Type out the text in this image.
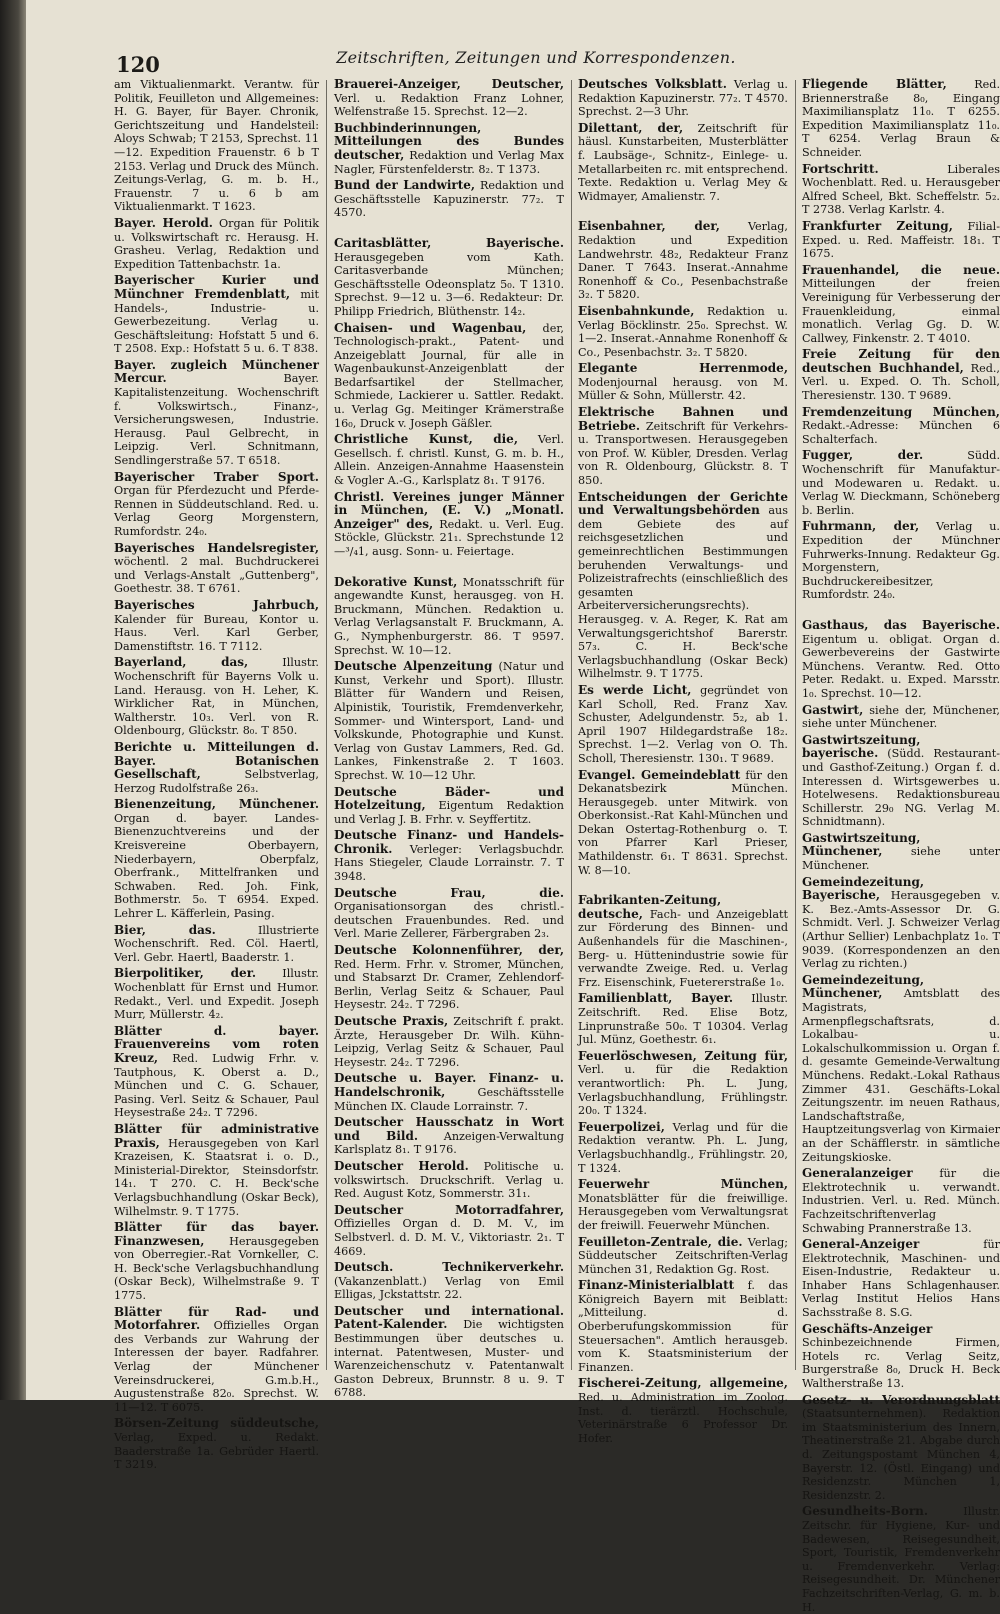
120	Zeitschriften, Zeitungen und Korrespondenzen.
am Viktualienmarkt. Verantw. für Politik, Feuilleton und Allgemeines: H. G. Bayer, für Bayer. Chronik, Gerichtszeitung und Handelsteil: Aloys Schwab; T 2153, Sprechst. 11—12. Expedition Frauenstr. 6 b T 2153. Verlag und Druck des Münch. Zeitungs-Verlag, G. m. b. H., Frauenstr. 7 u. 6 b am Viktualienmarkt. T 1623.
Bayer. Herold. Organ für Politik u. Volkswirtschaft rc. Herausg. H. Grasheu. Verlag, Redaktion und Expedition Tattenbachstr. 1a.
Bayerischer Kurier und Münchner Fremdenblatt, mit Handels-, Industrie- u. Gewerbezeitung. Verlag u. Geschäftsleitung: Hofstatt 5 und 6. T 2508. Exp.: Hofstatt 5 u. 6. T 838.
Bayer. zugleich Münchener Mercur.	Bayer. Kapitalistenzeitung. Wochenschrift f. Volkswirtsch., Finanz-, Versicherungswesen, Industrie. Herausg. Paul Gelbrecht, in Leipzig. Verl. Schnitmann, Sendlingerstraße 57. T 6518.
Bayerischer Traber Sport. Organ für Pferdezucht und Pferde-Rennen in Süddeutschland. Red. u. Verlag Georg Morgenstern, Rumfordstr. 24₀.
Bayerisches Handelsregister, wöchentl. 2 mal. Buchdruckerei und Verlags-Anstalt „Guttenberg", Goethestr. 38. T 6761.
Bayerisches Jahrbuch, Kalender für Bureau, Kontor u. Haus. Verl. Karl Gerber, Damenstiftstr. 16. T 7112.
Bayerland, das,	Illustr. Wochenschrift für Bayerns Volk u. Land. Herausg. von H. Leher, K. Wirklicher Rat, in München, Waltherstr. 10₃. Verl. von R. Oldenbourg, Glückstr. 8₀. T 850.
Berichte u. Mitteilungen d. Bayer. Botanischen Gesellschaft,	Selbstverlag, Herzog Rudolfstraße 26₃.
Bienenzeitung, Münchener. Organ d. bayer. Landes-Bienenzuchtvereins und der Kreisvereine Oberbayern, Niederbayern, Oberpfalz, Oberfrank., Mittelfranken und Schwaben. Red. Joh. Fink, Bothmerstr. 5₀. T 6954. Exped. Lehrer L. Käfferlein, Pasing.
Bier, das.	Illustrierte Wochenschrift. Red. Cöl. Haertl, Verl. Gebr. Haertl, Baaderstr. 1.
Bierpolitiker, der. Illustr. Wochenblatt für Ernst und Humor. Redakt., Verl. und Expedit. Joseph Murr, Müllerstr. 4₂.
Blätter d. bayer. Frauenvereins vom roten Kreuz, Red. Ludwig Frhr. v. Tautphous, K. Oberst a. D., München und C. G. Schauer, Pasing. Verl. Seitz & Schauer, Paul Heysestraße 24₂. T 7296.
Blätter für administrative Praxis, Herausgegeben von Karl Krazeisen, K. Staatsrat i. o. D., Ministerial-Direktor, Steinsdorfstr. 14₁. T 270. C. H. Beck'sche Verlagsbuchhandlung (Oskar Beck), Wilhelmstr. 9. T 1775.
Blätter für das bayer. Finanzwesen, Herausgegeben von Oberregier.-Rat Vornkeller, C. H. Beck'sche Verlagsbuchhandlung (Oskar Beck), Wilhelmstraße 9. T 1775.
Blätter für Rad- und Motorfahrer. Offizielles Organ des Verbands zur Wahrung der Interessen der bayer. Radfahrer. Verlag der Münchener Vereinsdruckerei, G.m.b.H., Augustenstraße 82₀. Sprechst. W. 11—12. T 6075.
Börsen-Zeitung süddeutsche, Verlag, Exped. u. Redakt. Baaderstraße 1a. Gebrüder Haertl. T 3219.
Brauerei-Anzeiger, Deutscher, Verl. u. Redaktion Franz Lohner, Welfenstraße 15. Sprechst. 12—2.
Buchbinderinnungen, Mitteilungen des Bundes deutscher, Redaktion und Verlag Max Nagler, Fürstenfelderstr. 8₂. T 1373.
Bund der Landwirte, Redaktion und Geschäftsstelle Kapuzinerstr. 77₂. T 4570.
Caritasblätter, Bayerische. Herausgegeben vom Kath. Caritasverbande München; Geschäftsstelle Odeonsplatz 5₀. T 1310. Sprechst. 9—12 u. 3—6. Redakteur: Dr. Philipp Friedrich, Blüthenstr. 14₂.
Chaisen- und Wagenbau, der, Technologisch-prakt., Patent- und Anzeigeblatt Journal, für alle in Wagenbaukunst-Anzeigenblatt der Bedarfsartikel der Stellmacher, Schmiede, Lackierer u. Sattler. Redakt. u. Verlag Gg. Meitinger Krämerstraße 16₀, Druck v. Joseph Gäßler.
Christliche Kunst, die, Verl. Gesellsch. f. christl. Kunst, G. m. b. H., Allein. Anzeigen-Annahme Haasenstein & Vogler A.-G., Karlsplatz 8₁. T 9176.
Christl. Vereines junger Männer in München, (E. V.) „Monatl. Anzeiger" des, Redakt. u. Verl. Eug. Stöckle, Glückstr. 21₁. Sprechstunde 12—³/₄1, ausg. Sonn- u. Feiertage.
Dekorative Kunst, Monatsschrift für angewandte Kunst, herausgeg. von H. Bruckmann, München. Redaktion u. Verlag Verlagsanstalt F. Bruckmann, A. G., Nymphenburgerstr. 86. T 9597. Sprechst. W. 10—12.
Deutsche Alpenzeitung (Natur und Kunst, Verkehr und Sport). Illustr. Blätter für Wandern und Reisen, Alpinistik, Touristik, Fremdenverkehr, Sommer- und Wintersport, Land- und Volkskunde, Photographie und Kunst. Verlag von Gustav Lammers, Red. Gd. Lankes, Finkenstraße 2. T 1603. Sprechst. W. 10—12 Uhr.
Deutsche Bäder- und Hotelzeitung, Eigentum Redaktion und Verlag J. B. Frhr. v. Seyffertitz.
Deutsche Finanz- und Handels-Chronik. Verleger: Verlagsbuchdr. Hans Stiegeler, Claude Lorrainstr. 7. T 3948.
Deutsche Frau, die. Organisationsorgan des christl.-deutschen Frauenbundes. Red. und Verl. Marie Zellerer, Färbergraben 2₃.
Deutsche Kolonnenführer, der, Red. Herm. Frhr. v. Stromer, München, und Stabsarzt Dr. Cramer, Zehlendorf-Berlin, Verlag Seitz & Schauer, Paul Heysestr. 24₂. T 7296.
Deutsche Praxis, Zeitschrift f. prakt. Ärzte, Herausgeber Dr. Wilh. Kühn-Leipzig, Verlag Seitz & Schauer, Paul Heysestr. 24₂. T 7296.
Deutsche u. Bayer. Finanz- u. Handelschronik,	Geschäftsstelle München IX. Claude Lorrainstr. 7.
Deutscher Hausschatz in Wort und Bild. Anzeigen-Verwaltung Karlsplatz 8₁. T 9176.
Deutscher Herold. Politische u. volkswirtsch. Druckschrift. Verlag u. Red. August Kotz, Sommerstr. 31₁.
Deutscher Motorradfahrer, Offizielles Organ d. D. M. V., im Selbstverl. d. D. M. V., Viktoriastr. 2₁. T 4669.
Deutsch. Technikerverkehr. (Vakanzenblatt.) Verlag von Emil Elligas, Jckstattstr. 22.
Deutscher und international. Patent-Kalender. Die wichtigsten Bestimmungen über deutsches u. internat. Patentwesen, Muster- und Warenzeichenschutz v. Patentanwalt Gaston Debreux, Brunnstr. 8 u. 9. T 6788.
Deutsches Volksblatt. Verlag u. Redaktion Kapuzinerstr. 77₂. T 4570. Sprechst. 2—3 Uhr.
Dilettant, der, Zeitschrift für häusl. Kunstarbeiten, Musterblätter f. Laubsäge-, Schnitz-, Einlege- u. Metallarbeiten rc. mit entsprechend. Texte. Redaktion u. Verlag Mey & Widmayer, Amalienstr. 7.
Eisenbahner, der,	Verlag, Redaktion und Expedition Landwehrstr. 48₂, Redakteur Franz Daner. T 7643. Inserat.-Annahme Ronenhoff & Co., Pesenbachstraße 3₂. T 5820.
Eisenbahnkunde, Redaktion u. Verlag Böcklinstr. 25₀. Sprechst. W. 1—2. Inserat.-Annahme Ronenhoff & Co., Pesenbachstr. 3₂. T 5820.
Elegante Herrenmode, Modenjournal herausg. von M. Müller & Sohn, Müllerstr. 42.
Elektrische Bahnen und Betriebe. Zeitschrift für Verkehrs- u. Transportwesen. Herausgegeben von Prof. W. Kübler, Dresden. Verlag von R. Oldenbourg, Glückstr. 8. T 850.
Entscheidungen der Gerichte und Verwaltungsbehörden aus dem Gebiete des auf reichsgesetzlichen und gemeinrechtlichen Bestimmungen beruhenden Verwaltungs- und Polizeistrafrechts (einschließlich des gesamten Arbeiterversicherungsrechts). Herausgeg. v. A. Reger, K. Rat am Verwaltungsgerichtshof Barerstr. 57₃. C. H. Beck'sche Verlagsbuchhandlung (Oskar Beck) Wilhelmstr. 9. T 1775.
Es werde Licht, gegründet von Karl Scholl, Red. Franz Xav. Schuster, Adelgundenstr. 5₂, ab 1. April 1907 Hildegardstraße 18₂. Sprechst. 1—2. Verlag von O. Th. Scholl, Theresienstr. 130₁. T 9689.
Evangel. Gemeindeblatt für den Dekanatsbezirk München. Herausgegeb. unter Mitwirk. von Oberkonsist.-Rat Kahl-München und Dekan Ostertag-Rothenburg o. T. von Pfarrer Karl Prieser, Mathildenstr. 6₁. T 8631. Sprechst. W. 8—10.
Fabrikanten-Zeitung, deutsche, Fach- und Anzeigeblatt zur Förderung des Binnen- und Außenhandels für die Maschinen-, Berg- u. Hüttenindustrie sowie für verwandte Zweige. Red. u. Verlag Frz. Eisenschink, Fuetererstraße 1₀.
Familienblatt, Bayer. Illustr. Zeitschrift. Red. Elise Botz, Linprunstraße 50₀. T 10304. Verlag Jul. Münz, Goethestr. 6₁.
Feuerlöschwesen, Zeitung für, Verl. u. für die Redaktion verantwortlich: Ph. L. Jung, Verlagsbuchhandlung, Frühlingstr. 20₀. T 1324.
Feuerpolizei, Verlag und für die Redaktion verantw. Ph. L. Jung, Verlagsbuchhandlg., Frühlingstr. 20, T 1324.
Feuerwehr München, Monatsblätter für die freiwillige. Herausgegeben vom Verwaltungsrat der freiwill. Feuerwehr München.
Feuilleton-Zentrale, die. Verlag; Süddeutscher Zeitschriften-Verlag München 31, Redaktion Gg. Rost.
Finanz-Ministerialblatt f. das Königreich Bayern mit Beiblatt: „Mitteilung. d. Oberberufungskommission für Steuersachen". Amtlich herausgeb. vom K. Staatsministerium der Finanzen.
Fischerei-Zeitung, allgemeine, Red. u. Administration im Zoolog. Inst. d. tierärztl. Hochschule, Veterinärstraße 6 Professor Dr. Hofer.
Fliegende Blätter, Red. Briennerstraße 8₀, Eingang Maximiliansplatz 11₀. T 6255. Expedition Maximiliansplatz 11₀. T 6254. Verlag Braun & Schneider.
Fortschritt.	Liberales Wochenblatt. Red. u. Herausgeber Alfred Scheel, Bkt. Scheffelstr. 5₂. T 2738. Verlag Karlstr. 4.
Frankfurter Zeitung, Filial-Exped. u. Red. Maffeistr. 18₁. T 1675.
Frauenhandel, die neue. Mitteilungen der freien Vereinigung für Verbesserung der Frauenkleidung, einmal monatlich. Verlag Gg. D. W. Callwey, Finkenstr. 2. T 4010.
Freie Zeitung für den deutschen Buchhandel, Red., Verl. u. Exped. O. Th. Scholl, Theresienstr. 130. T 9689.
Fremdenzeitung München, Redakt.-Adresse: München 6 Schalterfach.
Fugger, der.	Südd. Wochenschrift für Manufaktur- und Modewaren u. Redakt. u. Verlag W. Dieckmann, Schöneberg b. Berlin.
Fuhrmann, der, Verlag u. Expedition der Münchner Fuhrwerks-Innung. Redakteur Gg. Morgenstern, Buchdruckereibesitzer, Rumfordstr. 24₀.
Gasthaus, das Bayerische. Eigentum u. obligat. Organ d. Gewerbevereins der Gastwirte Münchens. Verantw. Red. Otto Peter. Redakt. u. Exped. Marsstr. 1₀. Sprechst. 10—12.
Gastwirt, siehe der, Münchener, siehe unter Münchener.
Gastwirtszeitung, bayerische. (Südd. Restaurant- und Gasthof-Zeitung.) Organ f. d. Interessen d. Wirtsgewerbes u. Hotelwesens. Redaktionsbureau Schillerstr. 29₀ NG. Verlag M. Schnidtmann).
Gastwirtszeitung, Münchener,	siehe unter Münchener.
Gemeindezeitung, Bayerische, Herausgegeben v. K. Bez.-Amts-Assessor Dr. G. Schmidt. Verl. J. Schweizer Verlag (Arthur Sellier) Lenbachplatz 1₀. T 9039. (Korrespondenzen an den Verlag zu richten.)
Gemeindezeitung, Münchener, Amtsblatt des Magistrats, Armenpflegschaftsrats, d. Lokalbau- u. Lokalschulkommission u. Organ f. d. gesamte Gemeinde-Verwaltung Münchens. Redakt.-Lokal Rathaus Zimmer 431. Geschäfts-Lokal Zeitungszentr. im neuen Rathaus, Landschaftstraße, Hauptzeitungsverlag von Kirmaier an der Schäfflerstr. in sämtliche Zeitungskioske.
Generalanzeiger für die Elektrotechnik u. verwandt. Industrien. Verl. u. Red. Münch. Fachzeitschriftenverlag Schwabing Prannerstraße 13.
General-Anzeiger	für Elektrotechnik, Maschinen- und Eisen-Industrie, Redakteur u. Inhaber Hans Schlagenhauser. Verlag Institut Helios Hans Sachsstraße 8. S.G.
Geschäfts-Anzeiger Schinbezeichnende Firmen, Hotels rc. Verlag Seitz, Burgerstraße 8₀, Druck H. Beck Waltherstraße 13.
Gesetz- u. Verordnungsblatt (Staatsunternehmen). Redaktion im Staatsministerium des Innern, Theatinerstraße 21. Abgabe durch d. Zeitungspostamt München 4, Bayerstr. 12. (Östl. Eingang) und Residenzstr. München 1, Residenzstr. 2.
Gesundheits-Born.	Illustr. Zeitschr. für Hygiene, Kur- und Badewesen, Reisegesundheit, Sport, Touristik, Fremdenverkehr u. Fremdenverkehr. Verlag: Reisegesundheit. Dr. Münchener Fachzeitschriften-Verlag, G. m. b. H.
